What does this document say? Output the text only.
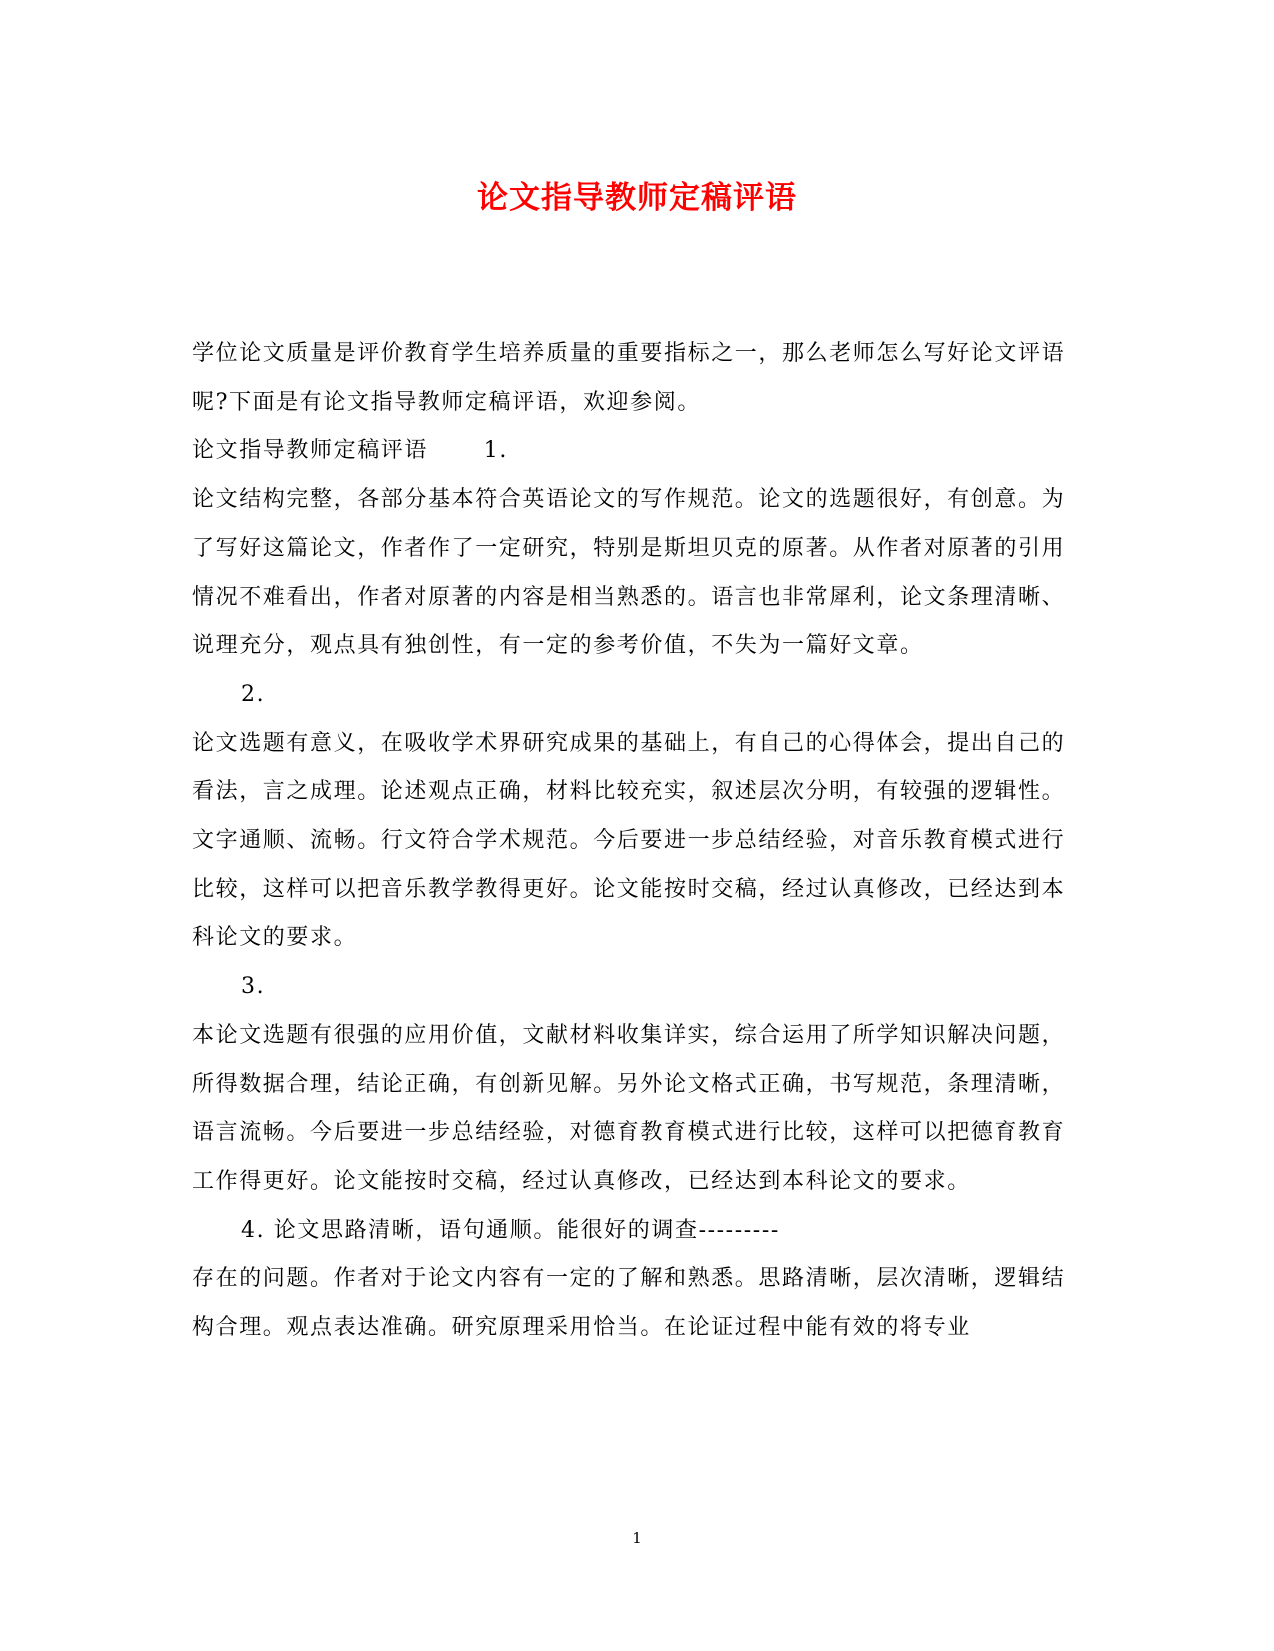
论文指导教师定稿评语

学位论文质量是评价教育学生培养质量的重要指标之一，那么老师怎么写好论文评语呢?下面是有论文指导教师定稿评语，欢迎参阅。

论文指导教师定稿评语　　 1.

论文结构完整，各部分基本符合英语论文的写作规范。论文的选题很好，有创意。为了写好这篇论文，作者作了一定研究，特别是斯坦贝克的原著。从作者对原著的引用情况不难看出，作者对原著的内容是相当熟悉的。语言也非常犀利，论文条理清晰、说理充分，观点具有独创性，有一定的参考价值，不失为一篇好文章。

2.

论文选题有意义，在吸收学术界研究成果的基础上，有自己的心得体会，提出自己的看法，言之成理。论述观点正确，材料比较充实，叙述层次分明，有较强的逻辑性。文字通顺、流畅。行文符合学术规范。今后要进一步总结经验，对音乐教育模式进行比较，这样可以把音乐教学教得更好。论文能按时交稿，经过认真修改，已经达到本科论文的要求。

3.

本论文选题有很强的应用价值，文献材料收集详实，综合运用了所学知识解决问题，所得数据合理，结论正确，有创新见解。另外论文格式正确，书写规范，条理清晰，语言流畅。今后要进一步总结经验，对德育教育模式进行比较，这样可以把德育教育工作得更好。论文能按时交稿，经过认真修改，已经达到本科论文的要求。

4. 论文思路清晰，语句通顺。能很好的调查---------

存在的问题。作者对于论文内容有一定的了解和熟悉。思路清晰，层次清晰，逻辑结构合理。观点表达准确。研究原理采用恰当。在论证过程中能有效的将专业

1
